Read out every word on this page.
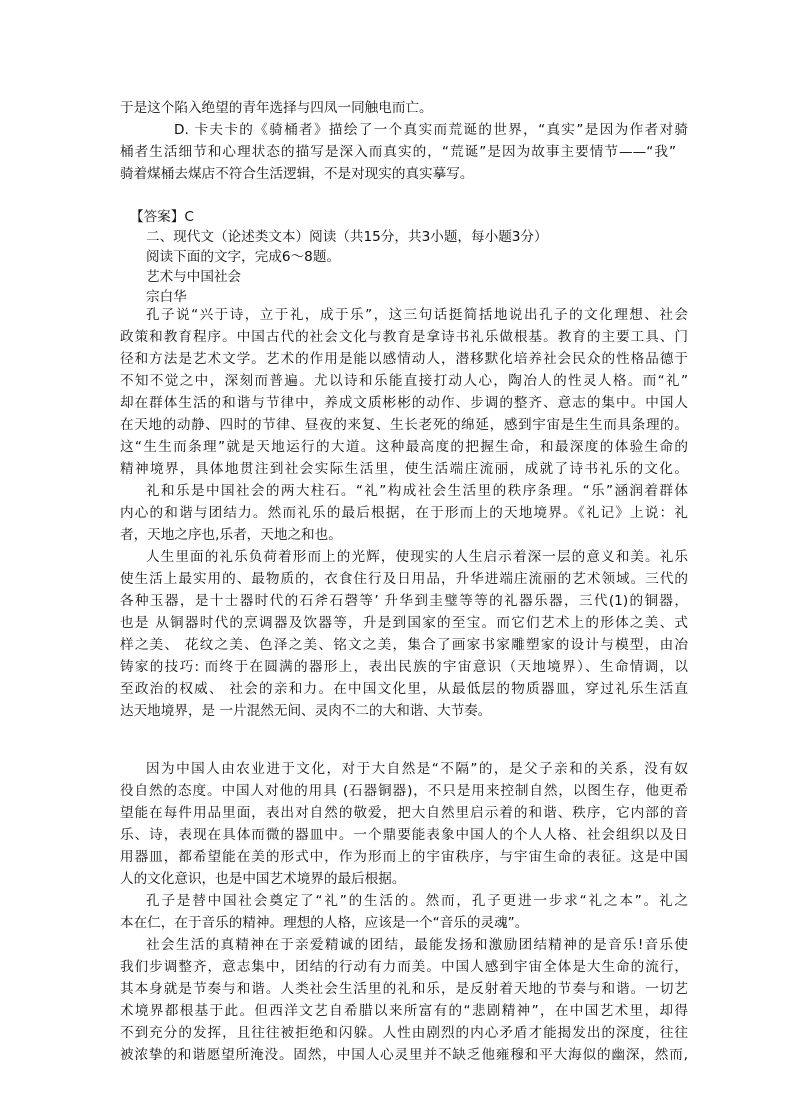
于是这个陷入绝望的青年选择与四凤一同触电而亡。
D. 卡夫卡的《骑桶者》描绘了一个真实而荒诞的世界，“真实”是因为作者对骑
桶者生活细节和心理状态的描写是深入而真实的，“荒诞”是因为故事主要情节——“我”
骑着煤桶去煤店不符合生活逻辑，不是对现实的真实摹写。
【答案】C
二、现代文（论述类文本）阅读（共15分，共3小题，每小题3分）
阅读下面的文字，完成6～8题。
艺术与中国社会
宗白华
孔子说“兴于诗，立于礼，成于乐”，这三句话挺简括地说出孔子的文化理想、社会
政策和教育程序。中国古代的社会文化与教育是拿诗书礼乐做根基。教育的主要工具、门
径和方法是艺术文学。艺术的作用是能以感情动人，潜移默化培养社会民众的性格品德于
不知不觉之中，深刻而普遍。尤以诗和乐能直接打动人心，陶冶人的性灵人格。而“礼”
却在群体生活的和谐与节律中，养成文质彬彬的动作、步调的整齐、意志的集中。中国人
在天地的动静、四时的节律、昼夜的来复、生长老死的绵延，感到宇宙是生生而具条理的。
这“生生而条理”就是天地运行的大道。这种最高度的把握生命，和最深度的体验生命的
精神境界，具体地贯注到社会实际生活里，使生活端庄流丽，成就了诗书礼乐的文化。
礼和乐是中国社会的两大柱石。“礼”构成社会生活里的秩序条理。“乐”涵润着群体
内心的和谐与团结力。然而礼乐的最后根据，在于形而上的天地境界。《礼记》上说：礼
者，天地之序也,乐者，天地之和也。
人生里面的礼乐负荷着形而上的光辉，使现实的人生启示着深一层的意义和美。礼乐
使生活上最实用的、最物质的，衣食住行及日用品，升华进端庄流丽的艺术领域。三代的
各种玉器，是十士器时代的石斧石磬等’ 升华到圭璧等等的礼器乐器，三代(1)的铜器，
也是 从铜器时代的烹调器及饮器等，升是到国家的至宝。而它们艺术上的形体之美、式
样之美、 花纹之美、色泽之美、铭文之美，集合了画家书家雕塑家的设计与模型，由冶
铸家的技巧: 而终于在圆满的器形上，表出民族的宇宙意识（天地境界）、生命情调，以
至政治的权威、 社会的亲和力。在中国文化里，从最低层的物质器皿，穿过礼乐生活直
达天地境界，是 一片混然无间、灵肉不二的大和谐、大节奏。
因为中国人由农业进于文化，对于大自然是“不隔”的，是父子亲和的关系，没有奴
役自然的态度。中国人对他的用具 (石器铜器)，不只是用来控制自然，以图生存，他更希
望能在每件用品里面，表出对自然的敬爱，把大自然里启示着的和谐、秩序，它内部的音
乐、诗，表现在具体而微的器皿中。一个鼎要能表象中国人的个人人格、社会组织以及日
用器皿，都希望能在美的形式中，作为形而上的宇宙秩序，与宇宙生命的表征。这是中国
人的文化意识，也是中国艺术境界的最后根据。
孔子是替中国社会奠定了“礼”的生活的。然而，孔子更进一步求“礼之本”。礼之
本在仁，在于音乐的精神。理想的人格，应该是一个“音乐的灵魂”。
社会生活的真精神在于亲爱精诚的团结，最能发扬和激励团结精神的是音乐!音乐使
我们步调整齐，意志集中，团结的行动有力而美。中国人感到宇宙全体是大生命的流行，
其本身就是节奏与和谐。人类社会生活里的礼和乐，是反射着天地的节奏与和谐。一切艺
术境界都根基于此。但西洋文艺自希腊以来所富有的“悲剧精神”，在中国艺术里，却得
不到充分的发挥，且往往被拒绝和闪躲。人性由剧烈的内心矛盾才能揭发出的深度，往往
被浓挚的和谐愿望所淹没。固然，中国人心灵里并不缺乏他雍穆和平大海似的幽深，然而,
